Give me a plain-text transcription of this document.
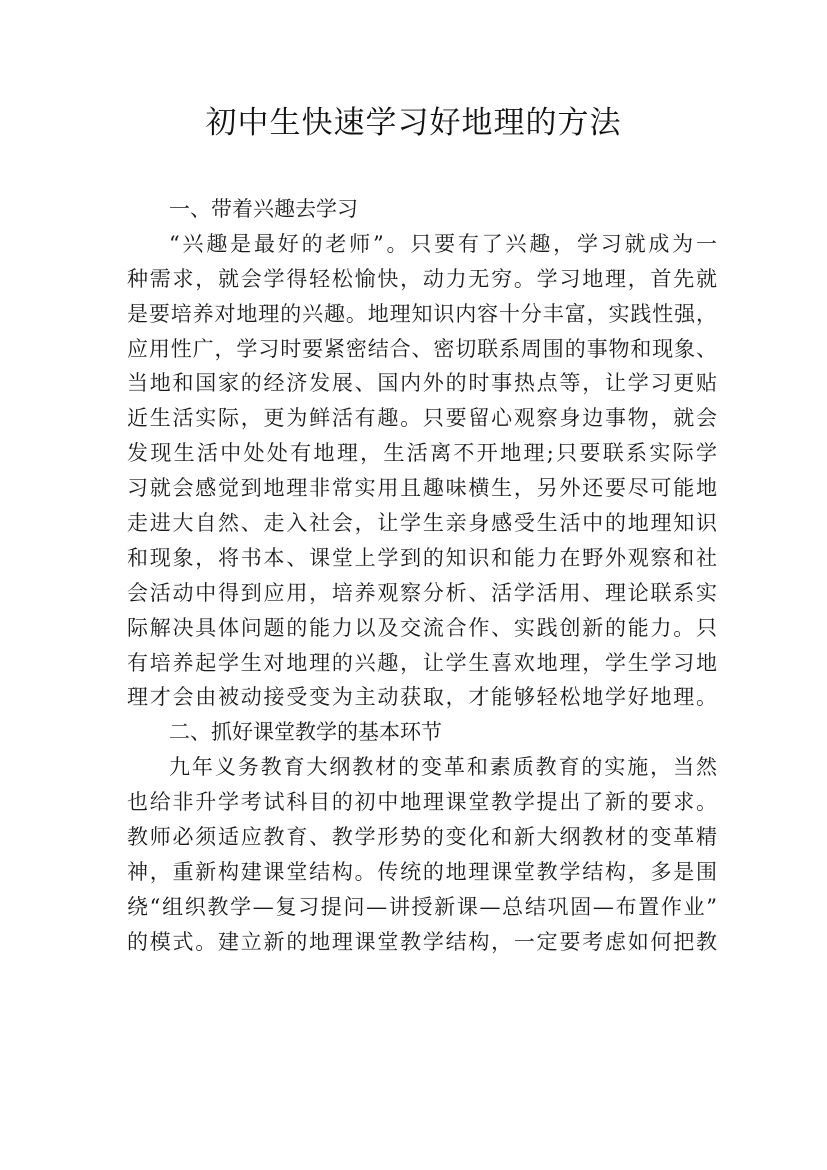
初中生快速学习好地理的方法
一、带着兴趣去学习
“兴趣是最好的老师”。只要有了兴趣，学习就成为一
种需求，就会学得轻松愉快，动力无穷。学习地理，首先就
是要培养对地理的兴趣。地理知识内容十分丰富，实践性强，
应用性广，学习时要紧密结合、密切联系周围的事物和现象、
当地和国家的经济发展、国内外的时事热点等，让学习更贴
近生活实际，更为鲜活有趣。只要留心观察身边事物，就会
发现生活中处处有地理，生活离不开地理;只要联系实际学
习就会感觉到地理非常实用且趣味横生，另外还要尽可能地
走进大自然、走入社会，让学生亲身感受生活中的地理知识
和现象，将书本、课堂上学到的知识和能力在野外观察和社
会活动中得到应用，培养观察分析、活学活用、理论联系实
际解决具体问题的能力以及交流合作、实践创新的能力。只
有培养起学生对地理的兴趣，让学生喜欢地理，学生学习地
理才会由被动接受变为主动获取，才能够轻松地学好地理。
二、抓好课堂教学的基本环节
九年义务教育大纲教材的变革和素质教育的实施，当然
也给非升学考试科目的初中地理课堂教学提出了新的要求。
教师必须适应教育、教学形势的变化和新大纲教材的变革精
神，重新构建课堂结构。传统的地理课堂教学结构，多是围
绕“组织教学—复习提问—讲授新课—总结巩固—布置作业”
的模式。建立新的地理课堂教学结构，一定要考虑如何把教
